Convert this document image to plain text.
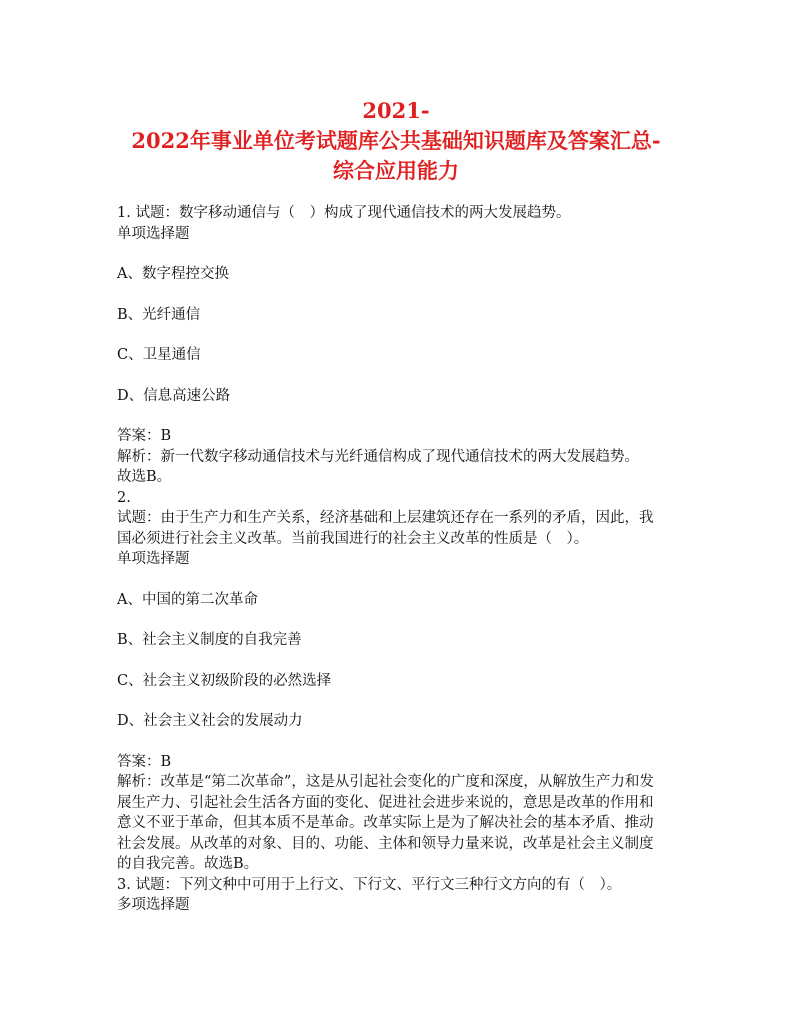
2021-
2022年事业单位考试题库公共基础知识题库及答案汇总-
综合应用能力
1. 试题：数字移动通信与（　）构成了现代通信技术的两大发展趋势。
单项选择题
A、数字程控交换
B、光纤通信
C、卫星通信
D、信息高速公路
答案：B
解析：新一代数字移动通信技术与光纤通信构成了现代通信技术的两大发展趋势。
故选B。
2.
试题：由于生产力和生产关系，经济基础和上层建筑还存在一系列的矛盾，因此，我
国必须进行社会主义改革。当前我国进行的社会主义改革的性质是（　）。
单项选择题
A、中国的第二次革命
B、社会主义制度的自我完善
C、社会主义初级阶段的必然选择
D、社会主义社会的发展动力
答案：B
解析：改革是“第二次革命”，这是从引起社会变化的广度和深度，从解放生产力和发
展生产力、引起社会生活各方面的变化、促进社会进步来说的，意思是改革的作用和
意义不亚于革命，但其本质不是革命。改革实际上是为了解决社会的基本矛盾、推动
社会发展。从改革的对象、目的、功能、主体和领导力量来说，改革是社会主义制度
的自我完善。故选B。
3. 试题：下列文种中可用于上行文、下行文、平行文三种行文方向的有（　）。
多项选择题
